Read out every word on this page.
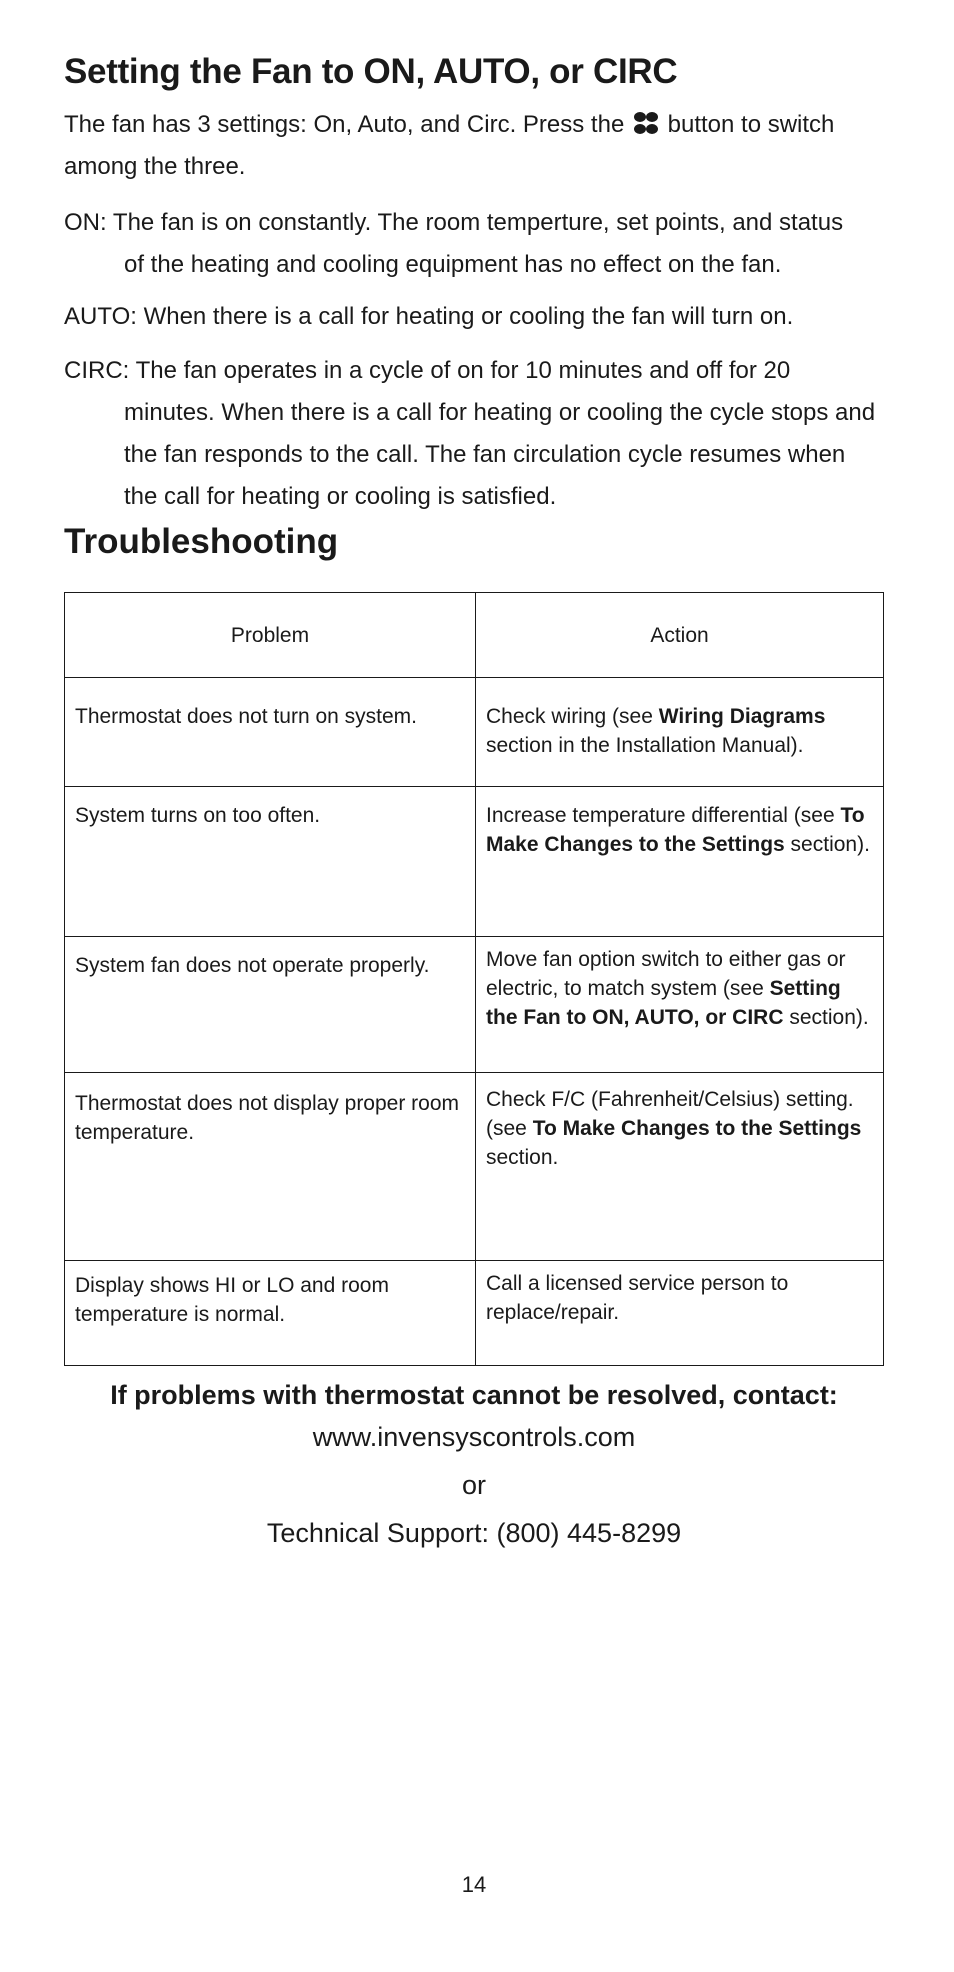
Setting the Fan to ON, AUTO, or CIRC
The fan has 3 settings: On, Auto, and Circ. Press the  button to switch among the three.
ON: The fan is on constantly. The room temperture, set points, and status
of the heating and cooling equipment has no effect on the fan.
AUTO: When there is a call for heating or cooling the fan will turn on.
CIRC: The fan operates in a cycle of on for 10 minutes and off for 20
minutes. When there is a call for heating or cooling the cycle stops and the fan responds to the call. The fan circulation cycle resumes when the call for heating or cooling is satisfied.
Troubleshooting
Problem	Action

Thermostat does not turn on system.	Check wiring (see Wiring Diagrams section in the Installation Manual).

System turns on too often.	Increase temperature differential (see To Make Changes to the Settings section).

System fan does not operate properly.	Move fan option switch to either gas or electric, to match system (see Setting the Fan to ON, AUTO, or CIRC section).

Thermostat does not display proper room temperature.	Check F/C (Fahrenheit/Celsius) setting. (see To Make Changes to the Settings section.

Display shows HI or LO and room temperature is normal.	Call a licensed service person to replace/repair.
If problems with thermostat cannot be resolved, contact:
www.invensyscontrols.com
or
Technical Support: (800) 445-8299
14
